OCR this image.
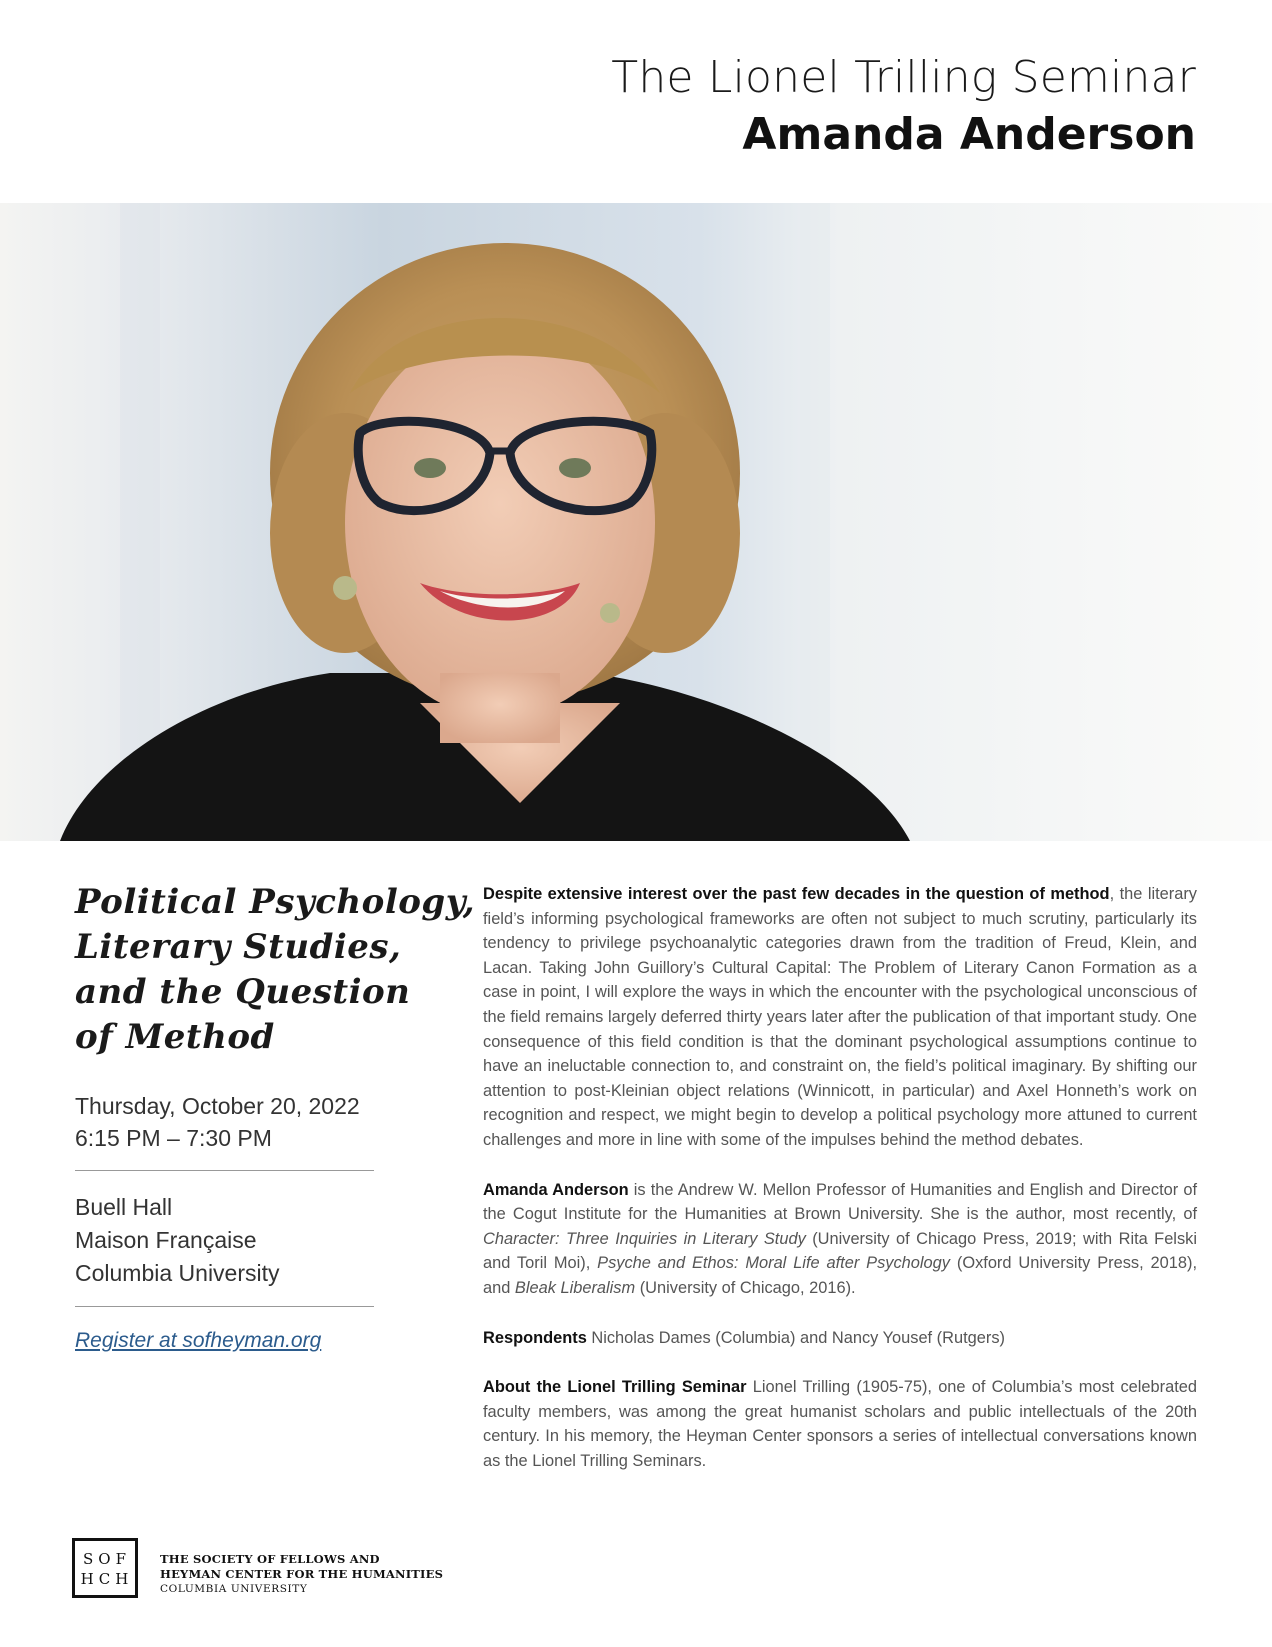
The Lionel Trilling Seminar
Amanda Anderson
Political Psychology,
Literary Studies,
and the Question
of Method
Thursday, October 20, 2022
6:15 PM – 7:30 PM
Buell Hall
Maison Française
Columbia University
Register at sofheyman.org

Despite extensive interest over the past few decades in the question of method, the literary field’s informing psychological frameworks are often not subject to much scrutiny, particularly its tendency to privilege psychoanalytic categories drawn from the tradition of Freud, Klein, and Lacan. Taking John Guillory’s Cultural Capital: The Problem of Literary Canon Formation as a case in point, I will explore the ways in which the encounter with the psychological unconscious of the field remains largely deferred thirty years later after the publication of that important study. One consequence of this field condition is that the dominant psychological assumptions continue to have an ineluctable connection to, and constraint on, the field’s political imaginary. By shifting our attention to post-Kleinian object relations (Winnicott, in particular) and Axel Honneth’s work on recognition and respect, we might begin to develop a political psychology more attuned to current challenges and more in line with some of the impulses behind the method debates.

Amanda Anderson is the Andrew W. Mellon Professor of Humanities and English and Director of the Cogut Institute for the Humanities at Brown University. She is the author, most recently, of Character: Three Inquiries in Literary Study (University of Chicago Press, 2019; with Rita Felski and Toril Moi), Psyche and Ethos: Moral Life after Psychology (Oxford University Press, 2018), and Bleak Liberalism (University of Chicago, 2016).

Respondents Nicholas Dames (Columbia) and Nancy Yousef (Rutgers)

About the Lionel Trilling Seminar Lionel Trilling (1905-75), one of Columbia’s most celebrated faculty members, was among the great humanist scholars and public intellectuals of the 20th century. In his memory, the Heyman Center sponsors a series of intellectual conversations known as the Lionel Trilling Seminars.

SOF
HCH
THE SOCIETY OF FELLOWS AND
HEYMAN CENTER FOR THE HUMANITIES
COLUMBIA UNIVERSITY
